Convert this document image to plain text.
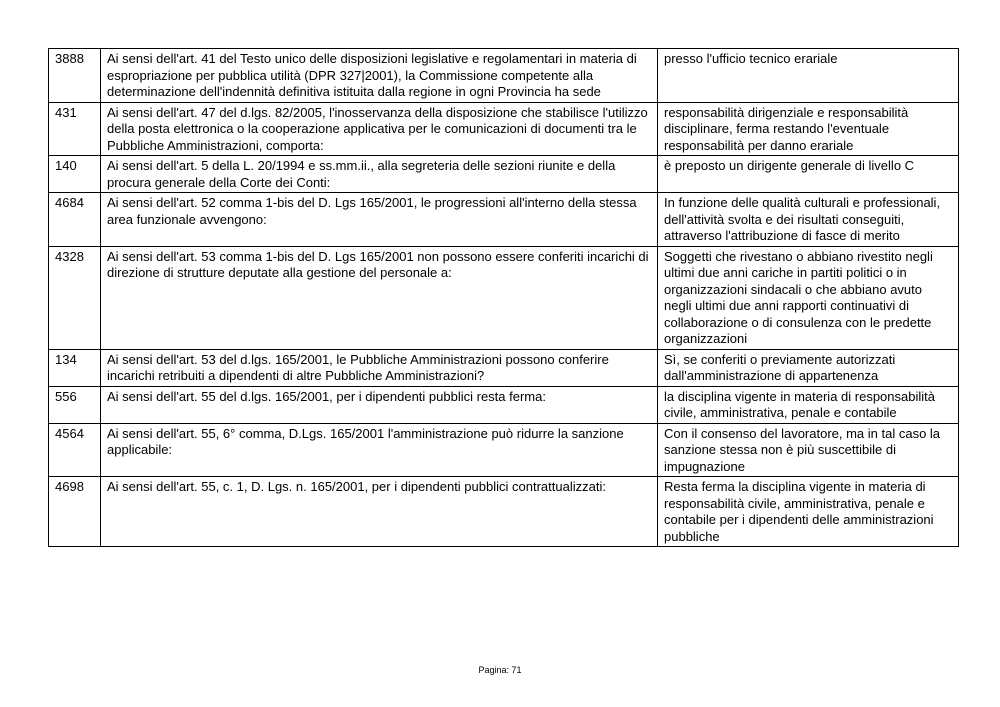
3888	Ai sensi dell'art. 41 del Testo unico delle disposizioni legislative e regolamentari in materia di espropriazione per pubblica utilità (DPR 327|2001), la Commissione competente alla determinazione dell'indennità definitiva istituita dalla regione in ogni Provincia ha sede	presso l'ufficio tecnico erariale
431	Ai sensi dell'art. 47 del d.lgs. 82/2005, l'inosservanza della disposizione che stabilisce l'utilizzo della posta elettronica o la cooperazione applicativa per le comunicazioni di documenti tra le Pubbliche Amministrazioni, comporta:	responsabilità dirigenziale e responsabilità disciplinare, ferma restando l'eventuale responsabilità per danno erariale
140	Ai sensi dell'art. 5 della L. 20/1994 e ss.mm.ii., alla segreteria delle sezioni riunite e della procura generale della Corte dei Conti:	è preposto un dirigente generale di livello C
4684	Ai sensi dell'art. 52 comma 1-bis del D. Lgs 165/2001, le progressioni all'interno della stessa area funzionale avvengono:	In funzione delle qualità culturali e professionali, dell'attività svolta e dei risultati conseguiti, attraverso l'attribuzione di fasce di merito
4328	Ai sensi dell'art. 53 comma 1-bis del D. Lgs 165/2001 non possono essere conferiti incarichi di direzione di strutture deputate alla gestione del personale a:	Soggetti che rivestano o abbiano rivestito negli ultimi due anni cariche in partiti politici o in organizzazioni sindacali o che abbiano avuto negli ultimi due anni rapporti continuativi di collaborazione o di consulenza con le predette organizzazioni
134	Ai sensi dell'art. 53 del d.lgs. 165/2001, le Pubbliche Amministrazioni possono conferire incarichi retribuiti a dipendenti di altre Pubbliche Amministrazioni?	Sì, se conferiti o previamente autorizzati dall'amministrazione di appartenenza
556	Ai sensi dell'art. 55 del d.lgs. 165/2001, per i dipendenti pubblici resta ferma:	la disciplina vigente in materia di responsabilità civile, amministrativa, penale e contabile
4564	Ai sensi dell'art. 55, 6° comma, D.Lgs. 165/2001 l'amministrazione può ridurre la sanzione applicabile:	Con il consenso del lavoratore, ma in tal caso la sanzione stessa non è più suscettibile di impugnazione
4698	Ai sensi dell'art. 55, c. 1, D. Lgs. n. 165/2001, per i dipendenti pubblici contrattualizzati:	Resta ferma la disciplina vigente in materia di responsabilità civile, amministrativa, penale e contabile per i dipendenti delle amministrazioni pubbliche
Pagina: 71
